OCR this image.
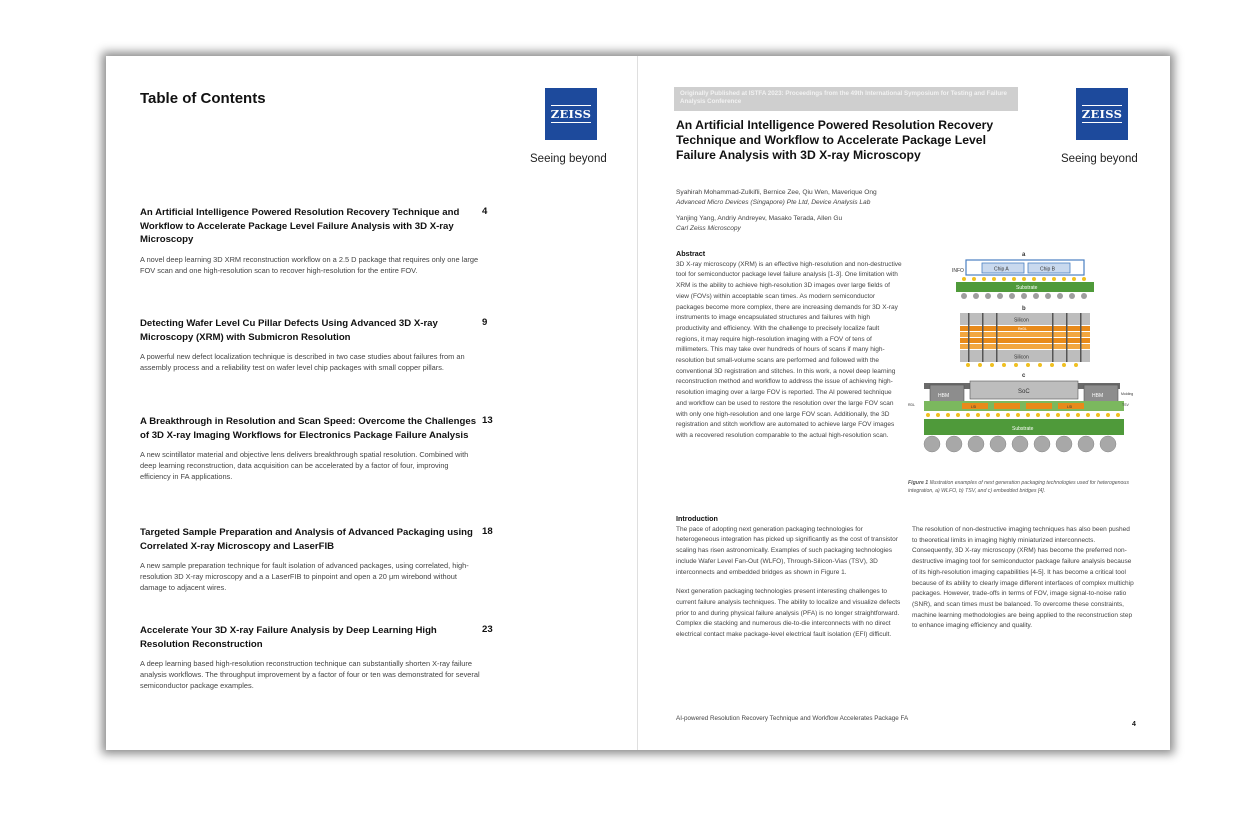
Table of Contents
ZEISS
Seeing beyond
An Artificial Intelligence Powered Resolution Recovery Technique and Workflow to Accelerate Package Level Failure Analysis with 3D X-ray Microscopy
4
A novel deep learning 3D XRM reconstruction workflow on a 2.5 D package that requires only one large FOV scan and one high-resolution scan to recover high-resolution for the entire FOV.
Detecting Wafer Level Cu Pillar Defects Using Advanced 3D X-ray Microscopy (XRM) with Submicron Resolution
9
A powerful new defect localization technique is described in two case studies about failures from an assembly process and a reliability test on wafer level chip packages with small copper pillars.
A Breakthrough in Resolution and Scan Speed: Overcome the Challenges of 3D X-ray Imaging Workflows for Electronics Package Failure Analysis
13
A new scintillator material and objective lens delivers breakthrough spatial resolution. Combined with deep learning reconstruction, data acquisition can be accelerated by a factor of four, improving efficiency in FA applications.
Targeted Sample Preparation and Analysis of Advanced Packaging using Correlated X-ray Microscopy and LaserFIB
18
A new sample preparation technique for fault isolation of advanced packages, using correlated, high-resolution 3D X-ray microscopy and a a LaserFIB to pinpoint and open a 20 μm wirebond without damage to adjacent wires.
Accelerate Your 3D X-ray Failure Analysis by Deep Learning High Resolution Reconstruction
23
A deep learning based high-resolution reconstruction technique can substantially shorten X-ray failure analysis workflows. The throughput improvement by a factor of four or ten was demonstrated for several semiconductor package examples.
Originally Published at ISTFA 2023: Proceedings from the 49th International Symposium for Testing and Failure Analysis Conference
ZEISS
Seeing beyond
An Artificial Intelligence Powered Resolution Recovery Technique and Workflow to Accelerate Package Level Failure Analysis with 3D X-ray Microscopy
Syahirah Mohammad-Zulkifli, Bernice Zee, Qiu Wen, Maverique Ong
Advanced Micro Devices (Singapore) Pte Ltd, Device Analysis Lab
Yanjing Yang, Andriy Andreyev, Masako Terada, Allen Gu
Carl Zeiss Microscopy
Abstract

3D X-ray microscopy (XRM) is an effective high-resolution and non-destructive tool for semiconductor package level failure analysis [1-3]. One limitation with XRM is the ability to achieve high-resolution 3D images over large fields of view (FOVs) within acceptable scan times. As modern semiconductor packages become more complex, there are increasing demands for 3D X-ray instruments to image encapsulated structures and failures with high productivity and efficiency. With the challenge to precisely localize fault regions, it may require high-resolution imaging with a FOV of tens of millimeters. This may take over hundreds of hours of scans if many high-resolution but small-volume scans are performed and followed with the conventional 3D registration and stitches. In this work, a novel deep learning reconstruction method and workflow to address the issue of achieving high-resolution imaging over a large FOV is reported. The AI powered technique and workflow can be used to restore the resolution over the large FOV scan with only one high-resolution and one large FOV scan. Additionally, the 3D registration and stitch workflow are automated to achieve large FOV images with a recovered resolution comparable to the actual high-resolution scan.

Introduction

The pace of adopting next generation packaging technologies for heterogeneous integration has picked up significantly as the cost of transistor scaling has risen astronomically. Examples of such packaging technologies include Wafer Level Fan-Out (WLFO), Through-Silicon-Vias (TSV), 3D interconnects and embedded bridges as shown in Figure 1.

Next generation packaging technologies present interesting challenges to current failure analysis techniques. The ability to localize and visualize defects prior to and during physical failure analysis (PFA) is no longer straightforward. Complex die stacking and numerous die-to-die interconnects with no direct electrical contact make package-level electrical fault isolation (EFI) difficult.

The resolution of non-destructive imaging techniques has also been pushed to theoretical limits in imaging highly miniaturized interconnects. Consequently, 3D X-ray microscopy (XRM) has become the preferred non-destructive imaging tool for semiconductor package failure analysis because of its high-resolution imaging capabilities [4-5]. It has become a critical tool because of its ability to clearly image different interfaces of complex multichip packages. However, trade-offs in terms of FOV, image signal-to-noise ratio (SNR), and scan times must be balanced. To overcome these constraints, machine learning methodologies are being applied to the reconstruction step to enhance imaging efficiency and quality.

a
INFO	Chip A	Chip B
Substrate
b
Silicon
ReDL
Silicon
c
HBM
SoC
HBM	Molding
LSI	LSI	TSV
RDL
Substrate
Figure 1 Illustration examples of next generation packaging technologies used for heterogenous integration, a) WLFO, b) TSV, and c) embedded bridges [4].
AI-powered Resolution Recovery Technique and Workflow Accelerates Package FA
4
